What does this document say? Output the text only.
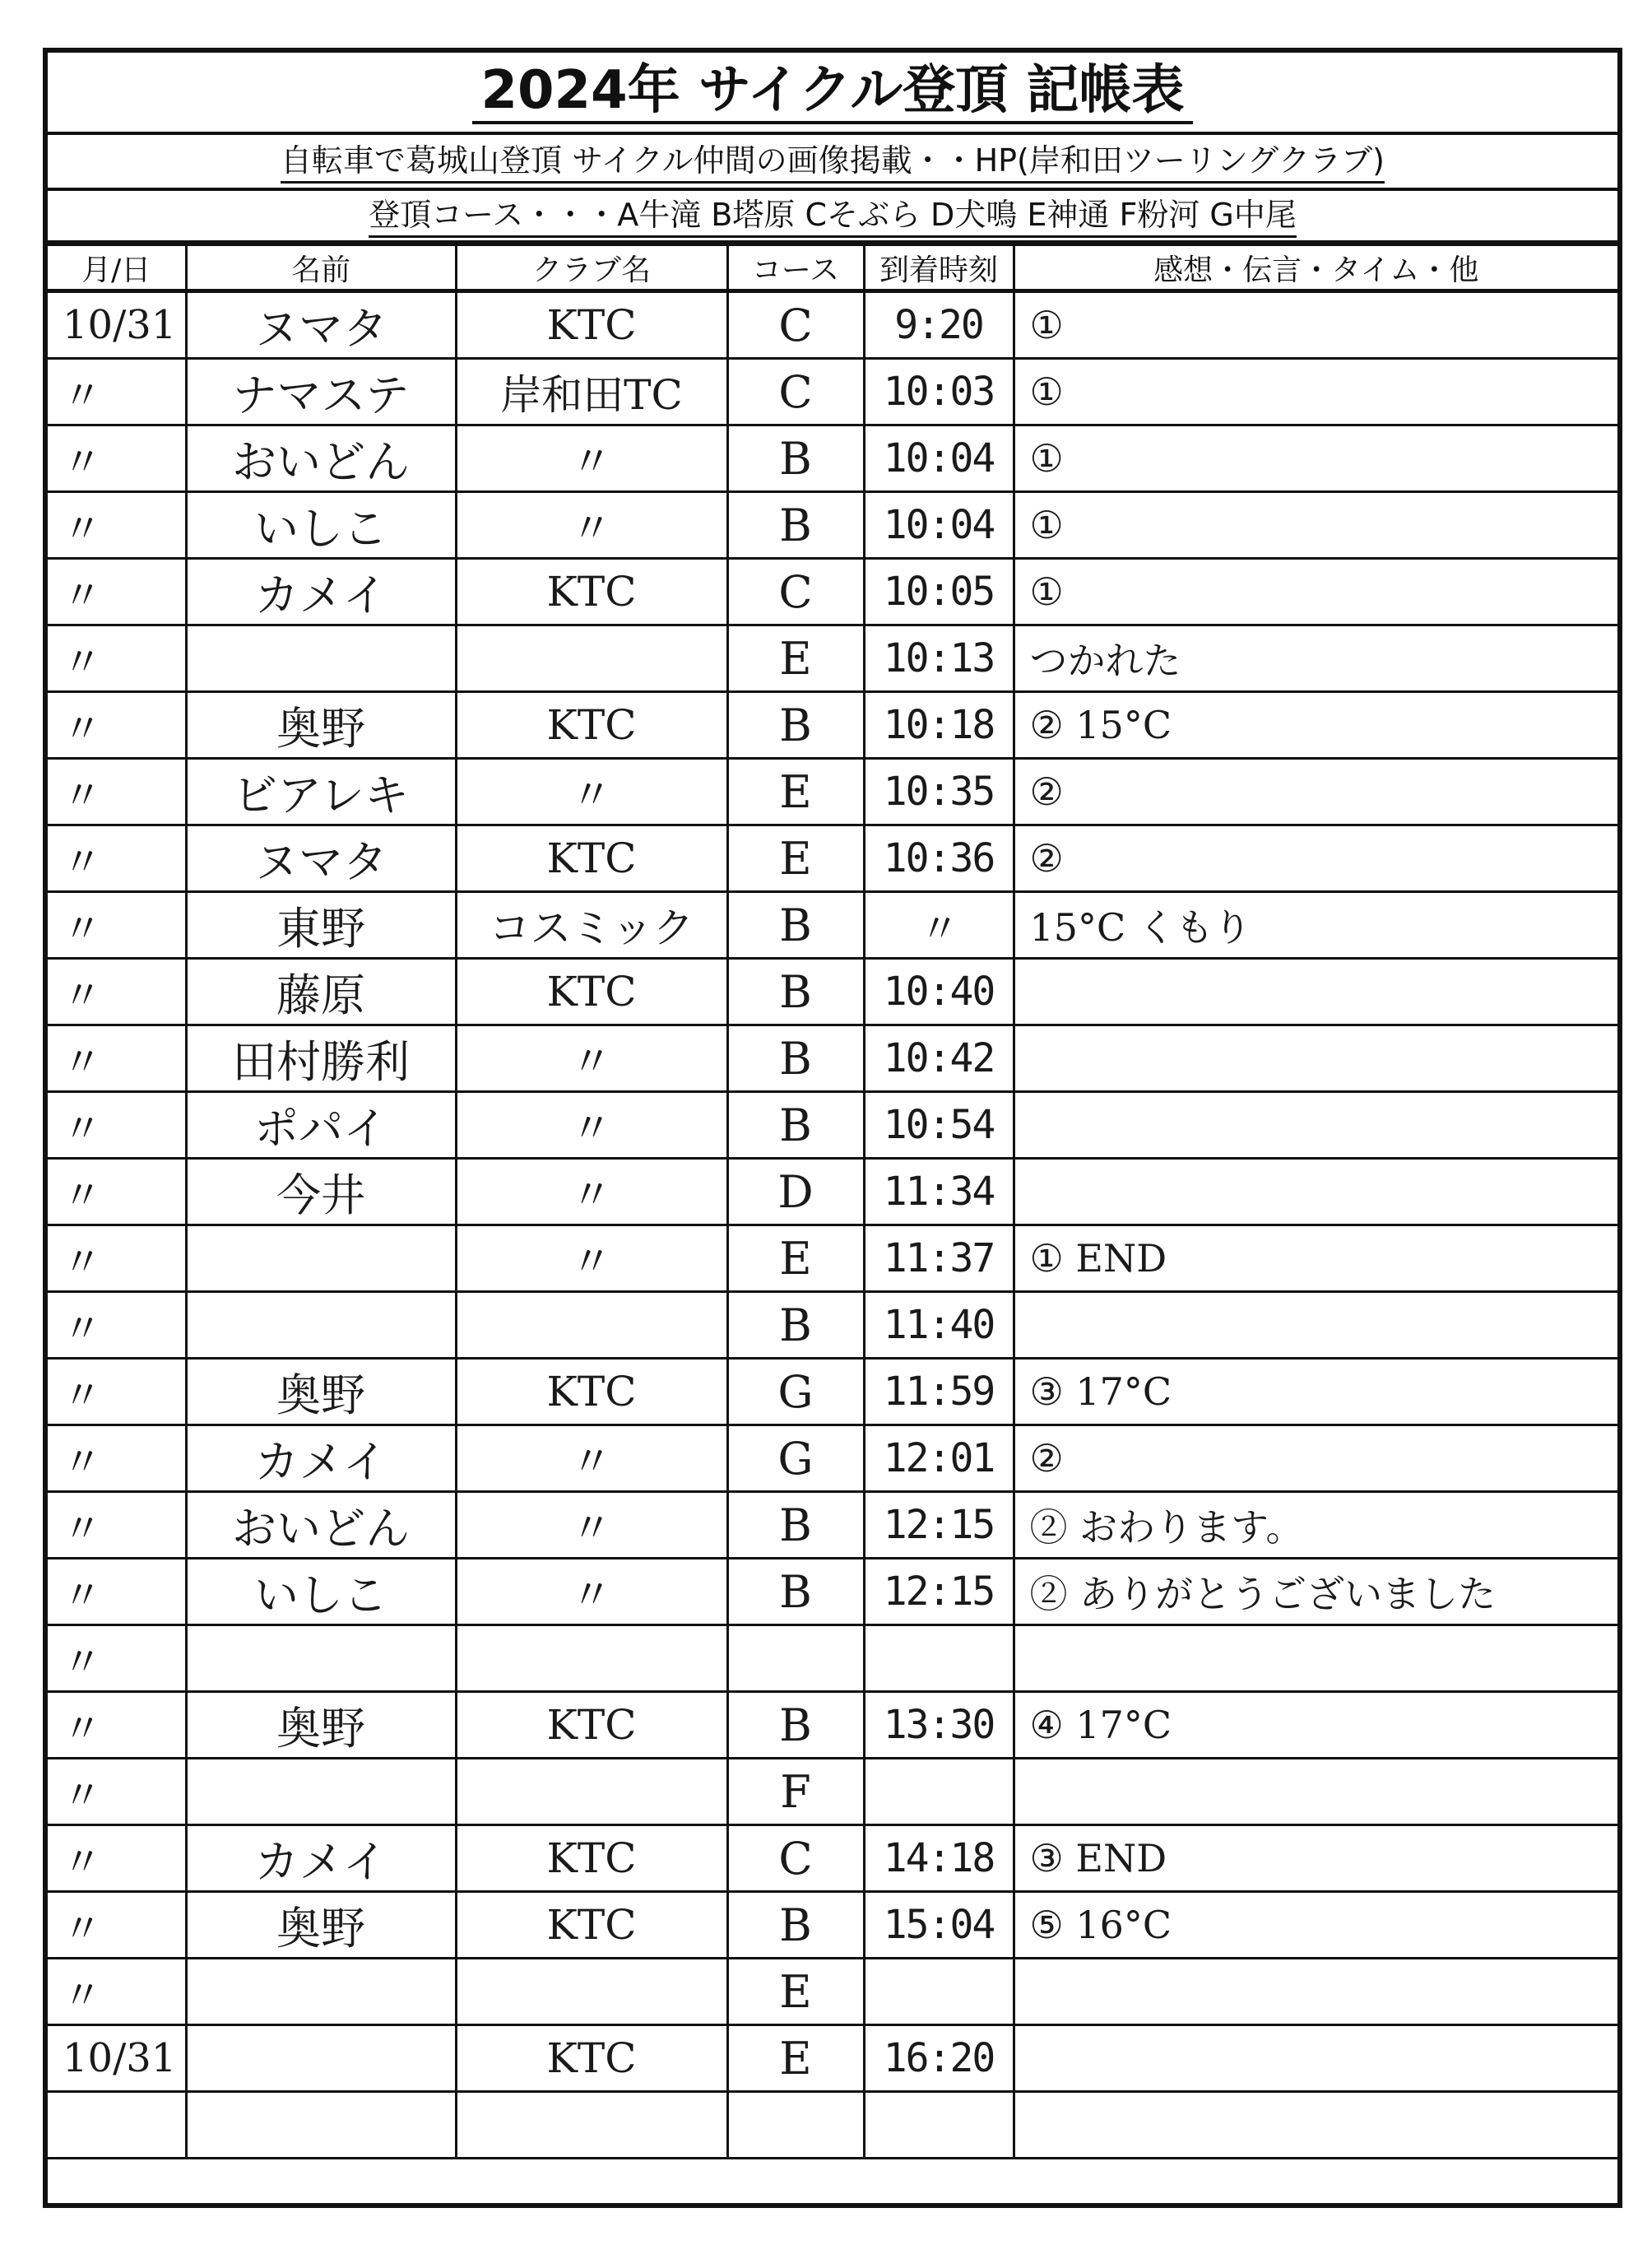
2024年 サイクル登頂 記帳表
自転車で葛城山登頂 サイクル仲間の画像掲載・・HP(岸和田ツーリングクラブ)
登頂コース・・・A牛滝 B塔原 Cそぶら D犬鳴 E神通 F粉河 G中尾
月/日	名前	クラブ名	コース	到着時刻	感想・伝言・タイム・他
10/31	ヌマタ	KTC	C	9:20	①
〃	ナマステ	岸和田TC	C	10:03	①
〃	おいどん	〃	B	10:04	①
〃	いしこ	〃	B	10:04	①
〃	カメイ	KTC	C	10:05	①
〃			E	10:13	つかれた
〃	奥野	KTC	B	10:18	② 15°C
〃	ビアレキ	〃	E	10:35	②
〃	ヌマタ	KTC	E	10:36	②
〃	東野	コスミック	B	〃	15°C くもり
〃	藤原	KTC	B	10:40	
〃	田村勝利	〃	B	10:42	
〃	ポパイ	〃	B	10:54	
〃	今井	〃	D	11:34	
〃		〃	E	11:37	① END
〃			B	11:40	
〃	奥野	KTC	G	11:59	③ 17°C
〃	カメイ	〃	G	12:01	②
〃	おいどん	〃	B	12:15	② おわります。
〃	いしこ	〃	B	12:15	② ありがとうございました
〃					
〃	奥野	KTC	B	13:30	④ 17°C
〃			F		
〃	カメイ	KTC	C	14:18	③ END
〃	奥野	KTC	B	15:04	⑤ 16°C
〃			E		
10/31		KTC	E	16:20	
